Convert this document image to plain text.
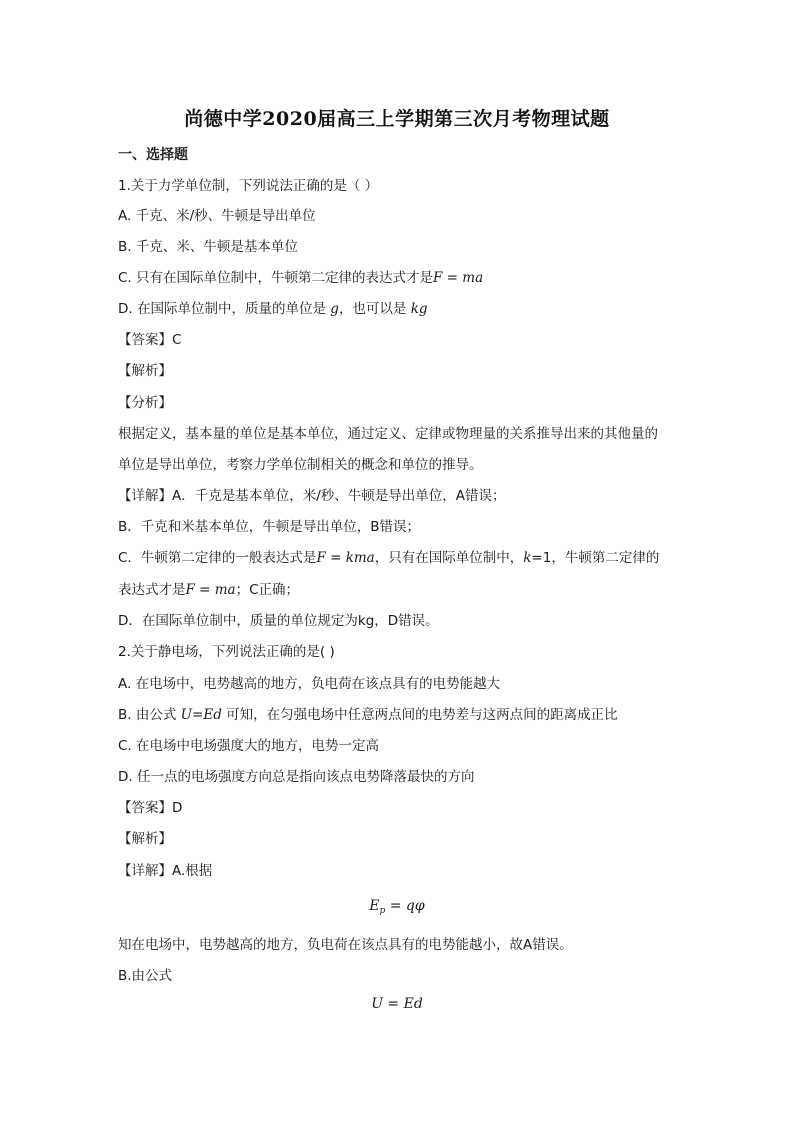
尚德中学2020届高三上学期第三次月考物理试题
一、选择题
1.关于力学单位制，下列说法正确的是（ ）
A. 千克、米/秒、牛顿是导出单位
B. 千克、米、牛顿是基本单位
C. 只有在国际单位制中，牛顿第二定律的表达式才是F = ma
D. 在国际单位制中，质量的单位是 g，也可以是 kg
【答案】C
【解析】
【分析】
根据定义，基本量的单位是基本单位，通过定义、定律或物理量的关系推导出来的其他量的
单位是导出单位，考察力学单位制相关的概念和单位的推导。
【详解】A．千克是基本单位，米/秒、牛顿是导出单位，A错误；
B．千克和米基本单位，牛顿是导出单位，B错误；
C．牛顿第二定律的一般表达式是F = kma，只有在国际单位制中，k=1，牛顿第二定律的
表达式才是F = ma；C正确；
D．在国际单位制中，质量的单位规定为kg，D错误。
2.关于静电场，下列说法正确的是( )
A. 在电场中，电势越高的地方，负电荷在该点具有的电势能越大
B. 由公式 U=Ed 可知，在匀强电场中任意两点间的电势差与这两点间的距离成正比
C. 在电场中电场强度大的地方，电势一定高
D. 任一点的电场强度方向总是指向该点电势降落最快的方向
【答案】D
【解析】
【详解】A.根据
$E_p = q\varphi$
知在电场中，电势越高的地方，负电荷在该点具有的电势能越小，故A错误。
B.由公式
U = Ed
